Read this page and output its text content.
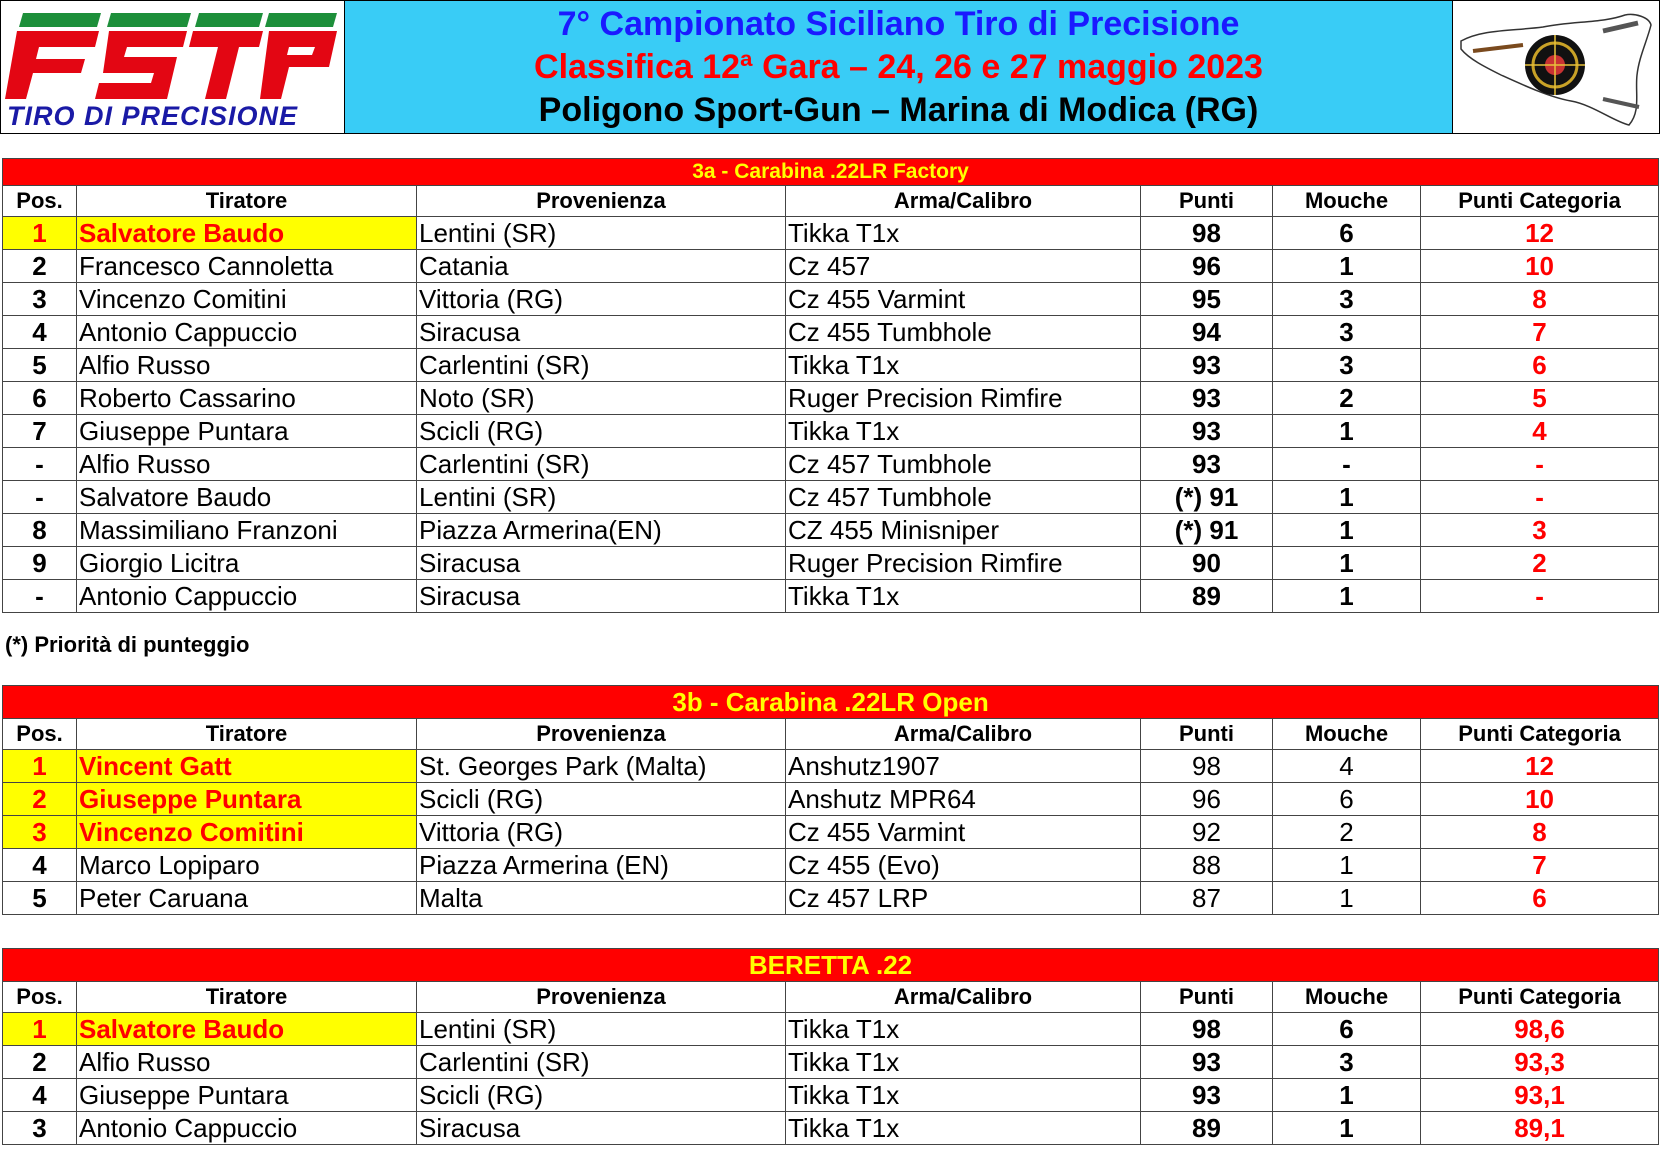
TIRO DI PRECISIONE
7° Campionato Siciliano Tiro di Precisione
Classifica 12ª Gara – 24, 26 e 27 maggio 2023
Poligono Sport-Gun – Marina di Modica (RG)
3a - Carabina .22LR Factory						
Pos.	Tiratore	Provenienza	Arma/Calibro	Punti	Mouche	Punti Categoria
1	Salvatore Baudo	Lentini (SR)	Tikka T1x	98	6	12
2	Francesco Cannoletta	Catania	Cz 457	96	1	10
3	Vincenzo Comitini	Vittoria (RG)	Cz 455 Varmint	95	3	8
4	Antonio Cappuccio	Siracusa	Cz 455 Tumbhole	94	3	7
5	Alfio Russo	Carlentini (SR)	Tikka T1x	93	3	6
6	Roberto Cassarino	Noto (SR)	Ruger Precision Rimfire	93	2	5
7	Giuseppe Puntara	Scicli (RG)	Tikka T1x	93	1	4
-	Alfio Russo	Carlentini (SR)	Cz 457 Tumbhole	93	-	-
-	Salvatore Baudo	Lentini (SR)	Cz 457 Tumbhole	(*) 91	1	-
8	Massimiliano Franzoni	Piazza Armerina(EN)	CZ 455 Minisniper	(*) 91	1	3
9	Giorgio Licitra	Siracusa	Ruger Precision Rimfire	90	1	2
-	Antonio Cappuccio	Siracusa	Tikka T1x	89	1	-
(*) Priorità di punteggio
3b - Carabina .22LR Open						
Pos.	Tiratore	Provenienza	Arma/Calibro	Punti	Mouche	Punti Categoria
1	Vincent Gatt	St. Georges Park (Malta)	Anshutz1907	98	4	12
2	Giuseppe Puntara	Scicli (RG)	Anshutz MPR64	96	6	10
3	Vincenzo Comitini	Vittoria (RG)	Cz 455 Varmint	92	2	8
4	Marco Lopiparo	Piazza Armerina (EN)	Cz 455 (Evo)	88	1	7
5	Peter Caruana	Malta	Cz 457 LRP	87	1	6
BERETTA .22						
Pos.	Tiratore	Provenienza	Arma/Calibro	Punti	Mouche	Punti Categoria
1	Salvatore Baudo	Lentini (SR)	Tikka T1x	98	6	98,6
2	Alfio Russo	Carlentini (SR)	Tikka T1x	93	3	93,3
4	Giuseppe Puntara	Scicli (RG)	Tikka T1x	93	1	93,1
3	Antonio Cappuccio	Siracusa	Tikka T1x	89	1	89,1
